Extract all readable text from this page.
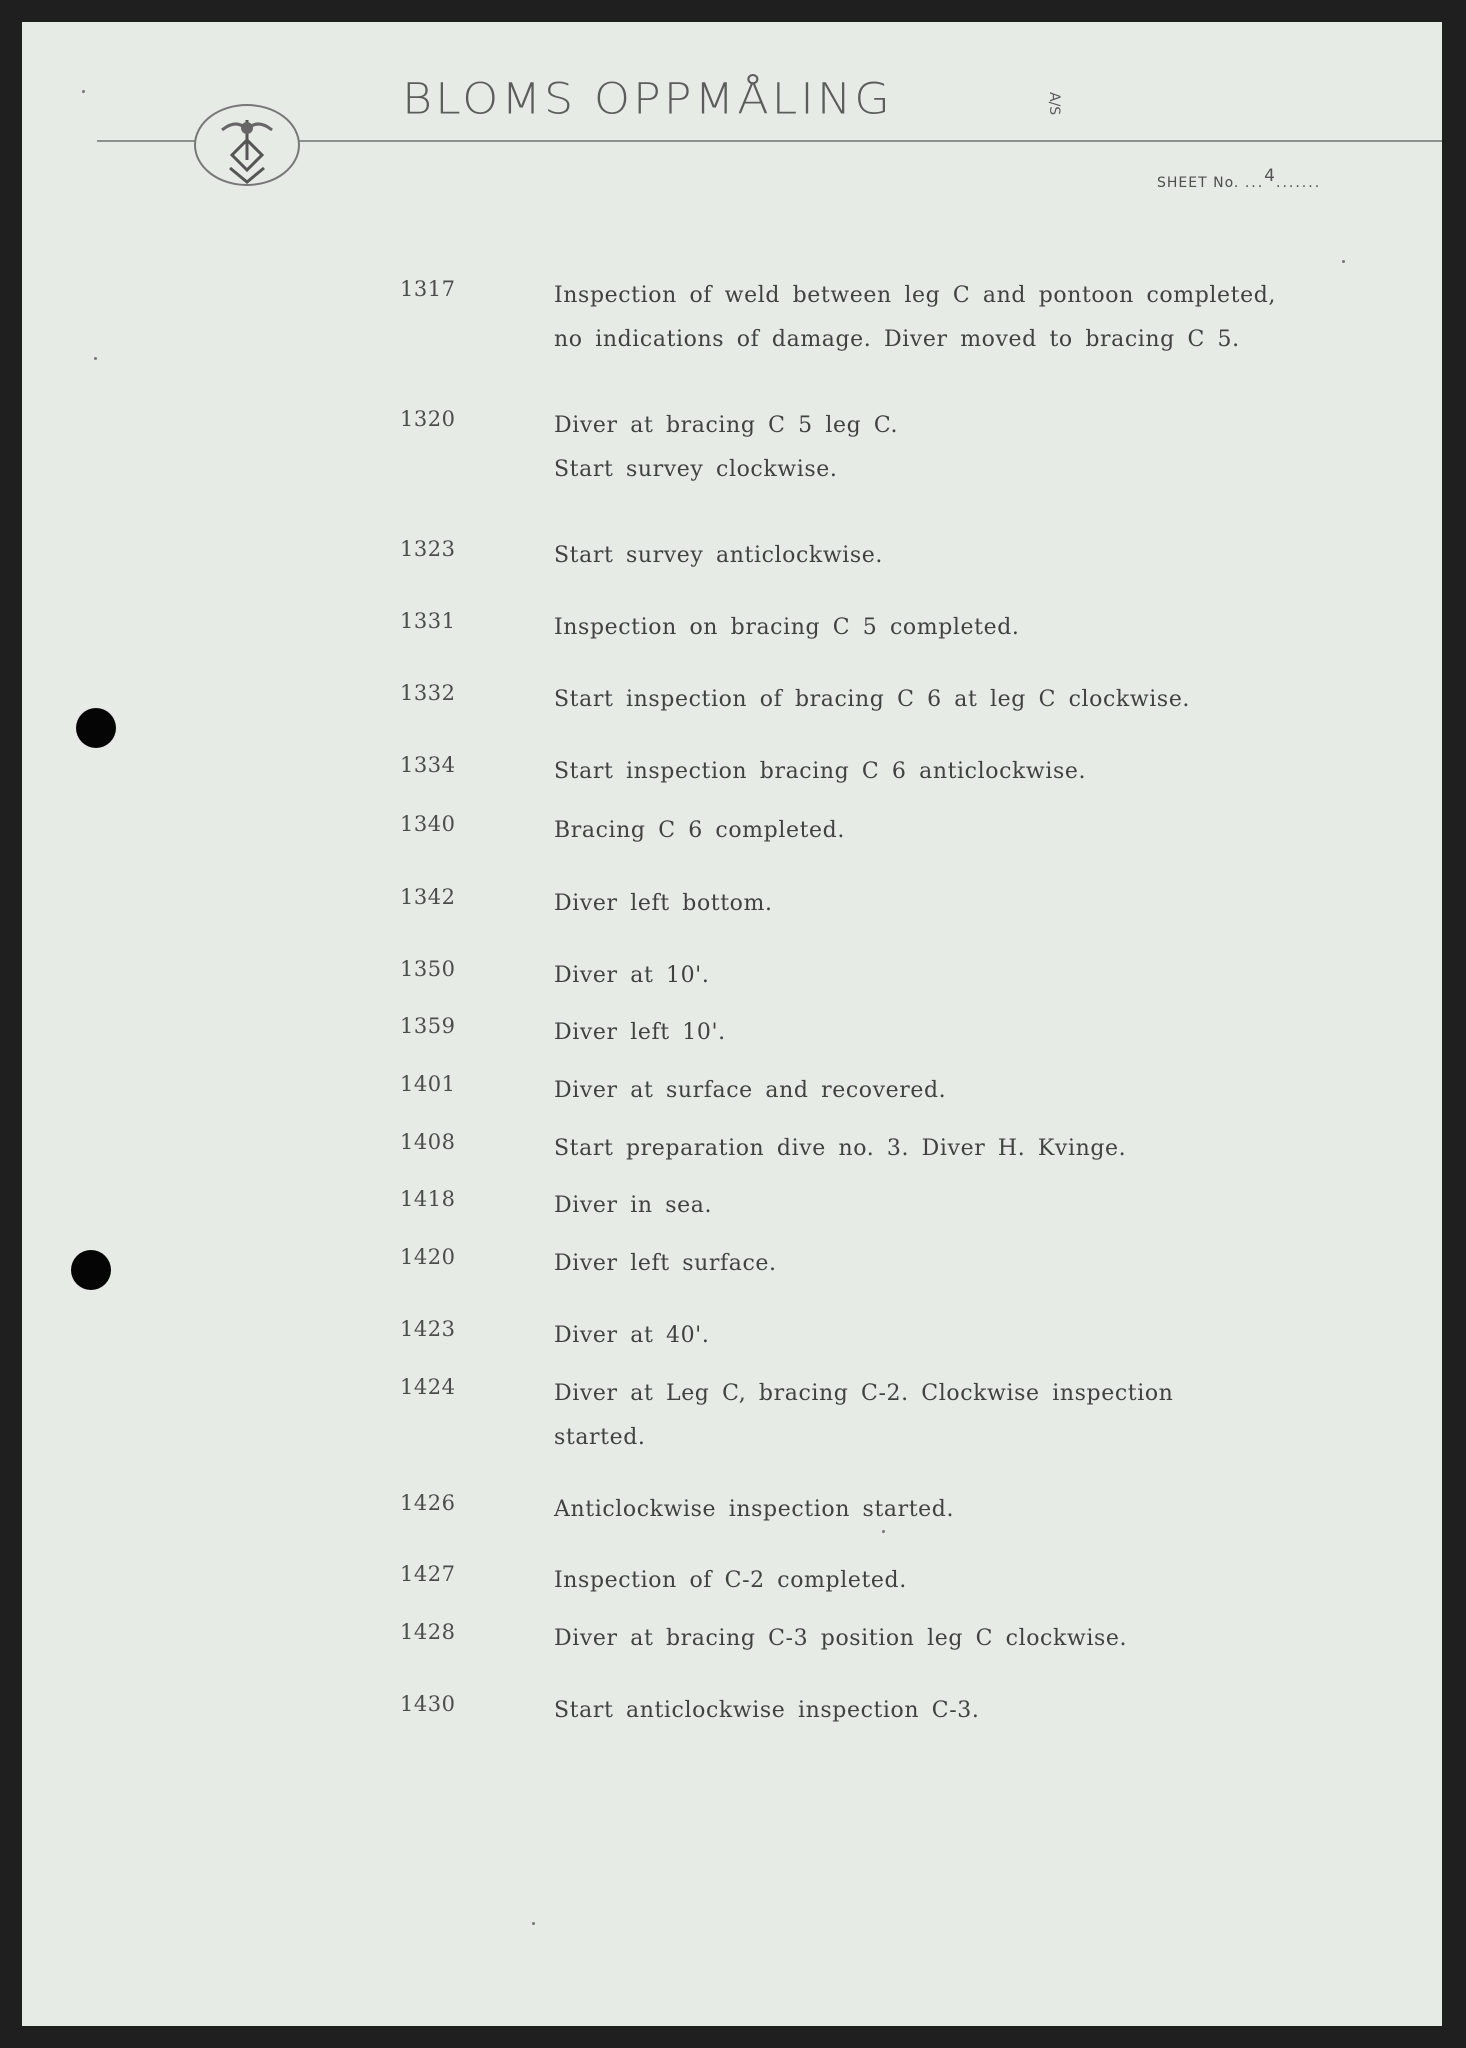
BLOMS OPPMÅLING	A/S
SHEET No. ...4.......
1317	Inspection of weld between leg C and pontoon completed,
no indications of damage. Diver moved to bracing C 5.
1320	Diver at bracing C 5 leg C.
Start survey clockwise.
1323	Start survey anticlockwise.
1331	Inspection on bracing C 5 completed.
1332	Start inspection of bracing C 6 at leg C clockwise.
1334	Start inspection bracing C 6 anticlockwise.
1340	Bracing C 6 completed.
1342	Diver left bottom.
1350	Diver at 10'.
1359	Diver left 10'.
1401	Diver at surface and recovered.
1408	Start preparation dive no. 3. Diver H. Kvinge.
1418	Diver in sea.
1420	Diver left surface.
1423	Diver at 40'.
1424	Diver at Leg C, bracing C-2. Clockwise inspection
started.
1426	Anticlockwise inspection started.
1427	Inspection of C-2 completed.
1428	Diver at bracing C-3 position leg C clockwise.
1430	Start anticlockwise inspection C-3.
